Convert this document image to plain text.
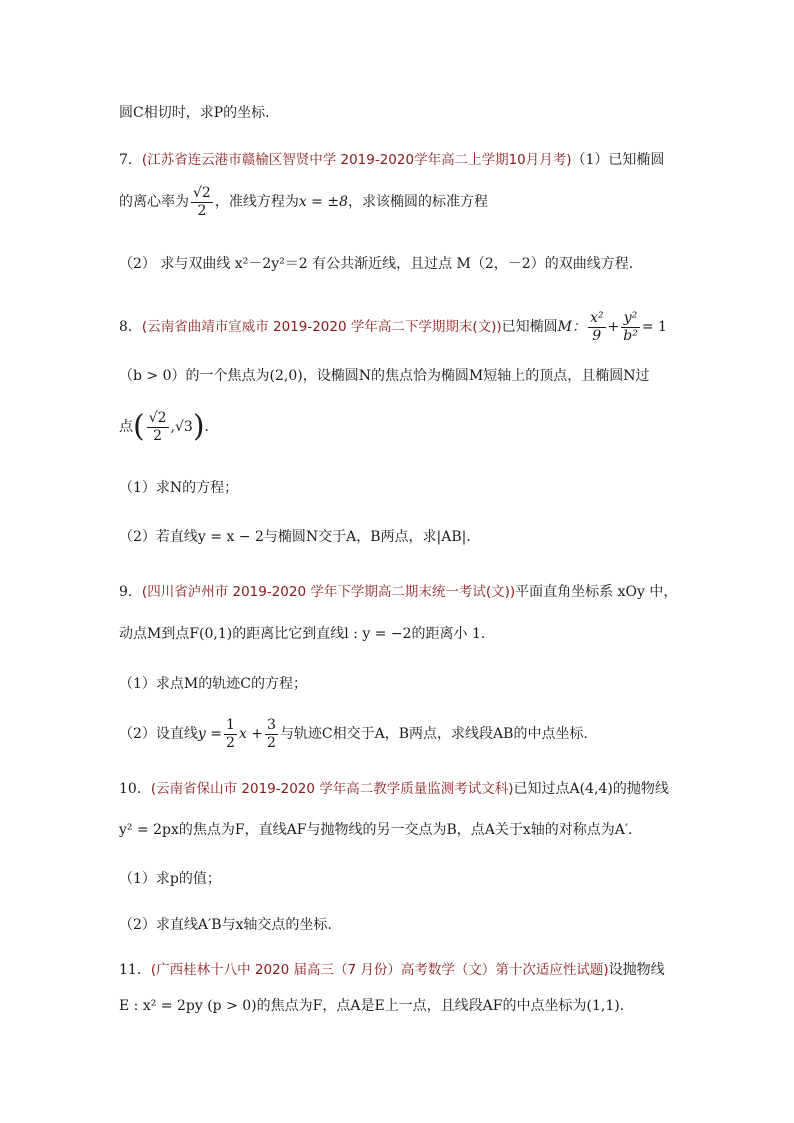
圆C相切时，求P的坐标．
7．(江苏省连云港市赣榆区智贤中学 2019-2020学年高二上学期10月月考)（1）已知椭圆
的离心率为 $\frac{√2}{2}$ ，准线方程为x = ±8，求该椭圆的标准方程
（2） 求与双曲线 x²－2y²＝2 有公共渐近线，且过点 M（2，－2）的双曲线方程．
8．(云南省曲靖市宣威市 2019-2020 学年高二下学期期末(文))已知椭圆M： $\frac{\text{x²}}{9} + \frac{\text{y²}}{\text{b²}} = 1$
（b > 0）的一个焦点为(2,0)，设椭圆N的焦点恰为椭圆M短轴上的顶点，且椭圆N过
点( $\frac{√2}{2} ,√3$)．
（1）求N的方程；
（2）若直线y = x − 2与椭圆N交于A，B两点，求|AB|．
9．(四川省泸州市 2019-2020 学年下学期高二期末统一考试(文))平面直角坐标系 xOy 中，
动点M到点F(0,1)的距离比它到直线l : y = −2的距离小 1.
（1）求点M的轨迹C的方程；
（2）设直线$y = \frac{1}{2}$ $x + \frac{3}{2}$ 与轨迹C相交于A，B两点，求线段AB的中点坐标.
10．(云南省保山市 2019-2020 学年高二教学质量监测考试文科)已知过点A(4,4)的抛物线
y² = 2px的焦点为F，直线AF与抛物线的另一交点为B，点A关于x轴的对称点为A′.
（1）求p的值；
（2）求直线A′B与x轴交点的坐标.
11．(广西桂林十八中 2020 届高三（7 月份）高考数学（文）第十次适应性试题)设抛物线
E : x² = 2py (p > 0)的焦点为F，点A是E上一点，且线段AF的中点坐标为(1,1).
